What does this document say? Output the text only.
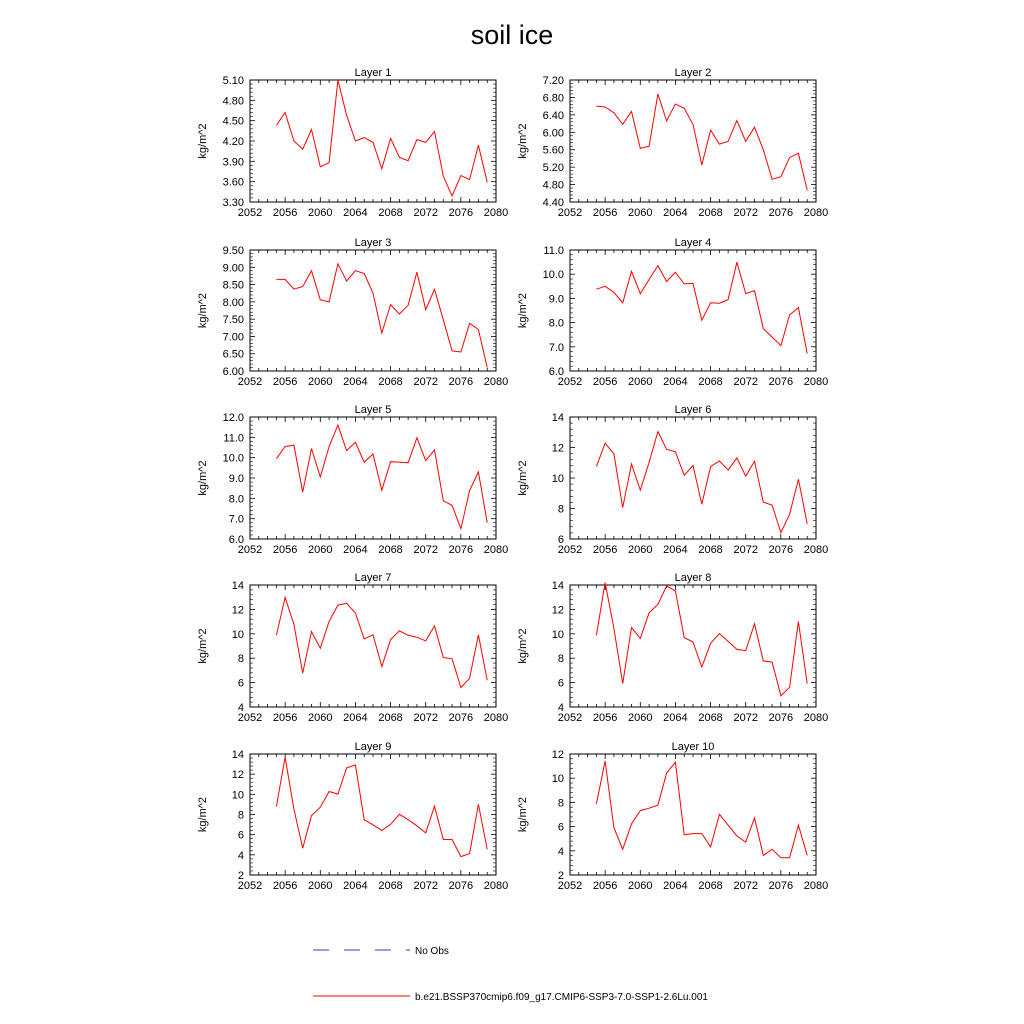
soil ice
Layer 1
kg/m^2
2052 2056 2060 2064 2068 2072 2076 2080
3.30
3.60
3.90
4.20
4.50
4.80
5.10
Layer 2
kg/m^2
2052 2056 2060 2064 2068 2072 2076 2080
4.40
4.80
5.20
5.60
6.00
6.40
6.80
7.20
Layer 3
kg/m^2
2052 2056 2060 2064 2068 2072 2076 2080
6.00
6.50
7.00
7.50
8.00
8.50
9.00
9.50
Layer 4
kg/m^2
2052 2056 2060 2064 2068 2072 2076 2080
6.0
7.0
8.0
9.0
10.0
11.0
Layer 5
kg/m^2
2052 2056 2060 2064 2068 2072 2076 2080
6.0
7.0
8.0
9.0
10.0
11.0
12.0
Layer 6
kg/m^2
2052 2056 2060 2064 2068 2072 2076 2080
6
8
10
12
14
Layer 7
kg/m^2
2052 2056 2060 2064 2068 2072 2076 2080
4
6
8
10
12
14
Layer 8
kg/m^2
2052 2056 2060 2064 2068 2072 2076 2080
4
6
8
10
12
14
Layer 9
kg/m^2
2052 2056 2060 2064 2068 2072 2076 2080
2
4
6
8
10
12
14
Layer 10
kg/m^2
2052 2056 2060 2064 2068 2072 2076 2080
2
4
6
8
10
12
No Obs
b.e21.BSSP370cmip6.f09_g17.CMIP6-SSP3-7.0-SSP1-2.6Lu.001
